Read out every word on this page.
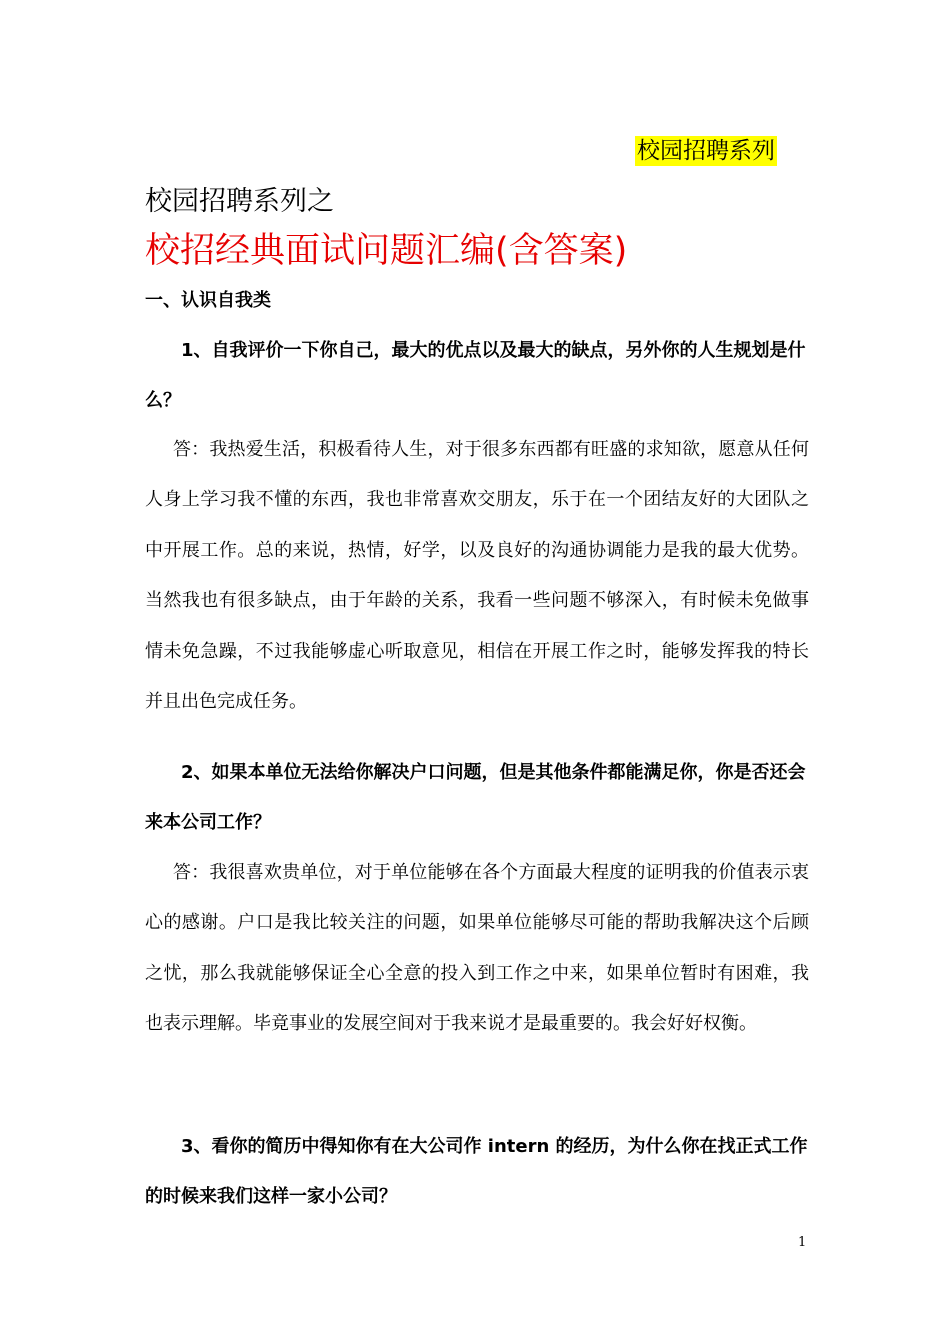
校园招聘系列
校园招聘系列之
校招经典面试问题汇编(含答案)
一、认识自我类
1、自我评价一下你自己，最大的优点以及最大的缺点，另外你的人生规划是什么？
答：我热爱生活，积极看待人生，对于很多东西都有旺盛的求知欲，愿意从任何人身上学习我不懂的东西，我也非常喜欢交朋友，乐于在一个团结友好的大团队之中开展工作。总的来说，热情，好学，以及良好的沟通协调能力是我的最大优势。当然我也有很多缺点，由于年龄的关系，我看一些问题不够深入，有时候未免做事情未免急躁，不过我能够虚心听取意见，相信在开展工作之时，能够发挥我的特长并且出色完成任务。
2、如果本单位无法给你解决户口问题，但是其他条件都能满足你，你是否还会来本公司工作？
答：我很喜欢贵单位，对于单位能够在各个方面最大程度的证明我的价值表示衷心的感谢。户口是我比较关注的问题，如果单位能够尽可能的帮助我解决这个后顾之忧，那么我就能够保证全心全意的投入到工作之中来，如果单位暂时有困难，我也表示理解。毕竟事业的发展空间对于我来说才是最重要的。我会好好权衡。
3、看你的简历中得知你有在大公司作 intern 的经历，为什么你在找正式工作的时候来我们这样一家小公司？
1
